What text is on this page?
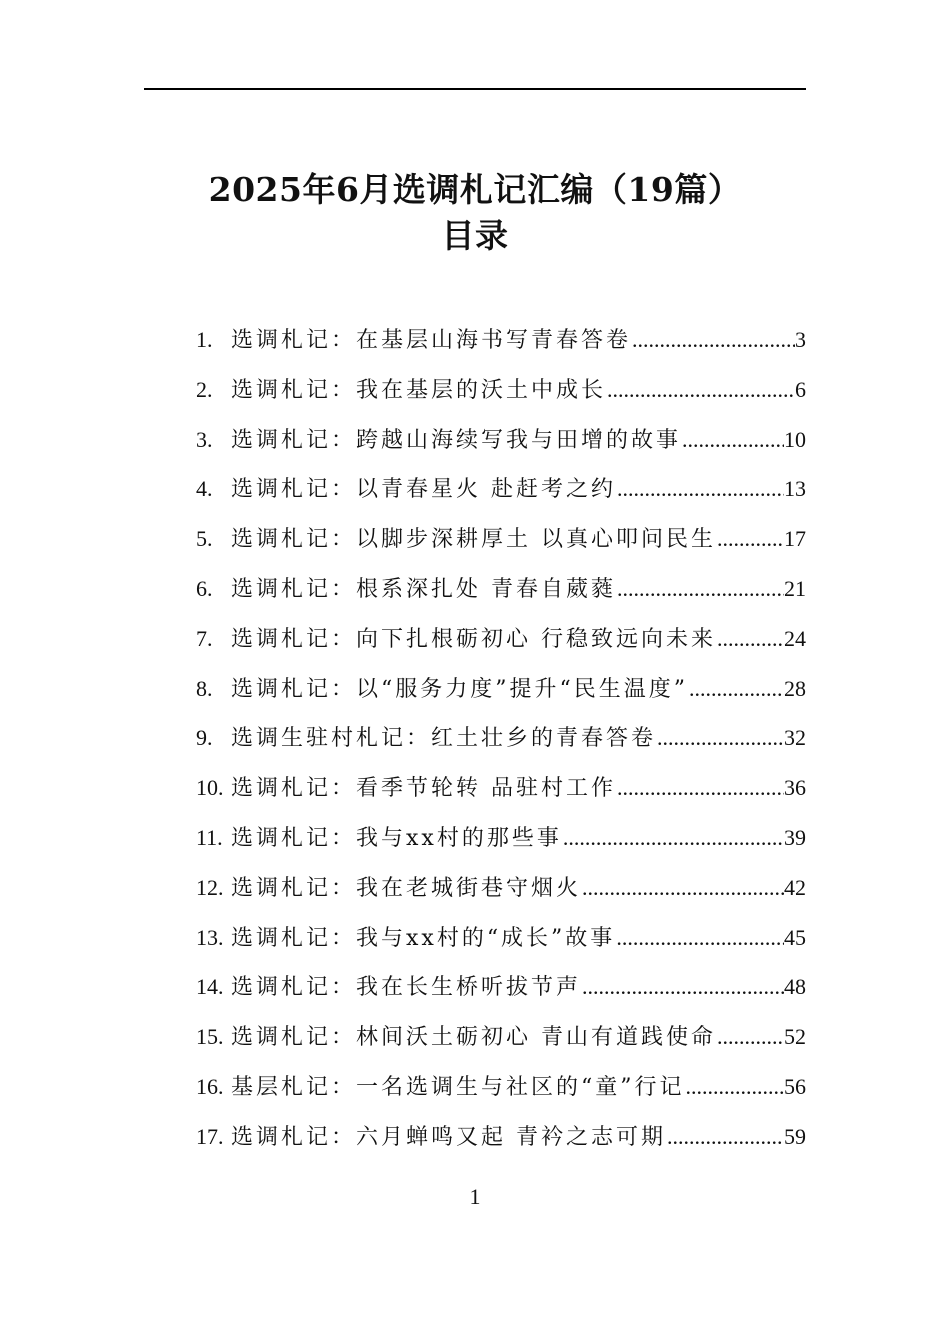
2025年6月选调札记汇编（19篇）
目录
1. 选调札记：在基层山海书写青春答卷 .....	3
2. 选调札记：我在基层的沃土中成长 .....	6
3. 选调札记：跨越山海续写我与田增的故事 .....	10
4. 选调札记：以青春星火 赴赶考之约 .....	13
5. 选调札记：以脚步深耕厚土 以真心叩问民生 .....	17
6. 选调札记：根系深扎处 青春自葳蕤 .....	21
7. 选调札记：向下扎根砺初心 行稳致远向未来 .....	24
8. 选调札记：以“服务力度”提升“民生温度” .....	28
9. 选调生驻村札记：红土壮乡的青春答卷 .....	32
10. 选调札记：看季节轮转 品驻村工作 .....	36
11. 选调札记：我与xx村的那些事 .....	39
12. 选调札记：我在老城街巷守烟火 .....	42
13. 选调札记：我与xx村的“成长”故事 .....	45
14. 选调札记：我在长生桥听拔节声 .....	48
15. 选调札记：林间沃土砺初心 青山有道践使命 .....	52
16. 基层札记：一名选调生与社区的“童”行记 .....	56
17. 选调札记：六月蝉鸣又起 青衿之志可期 .....	59
1
